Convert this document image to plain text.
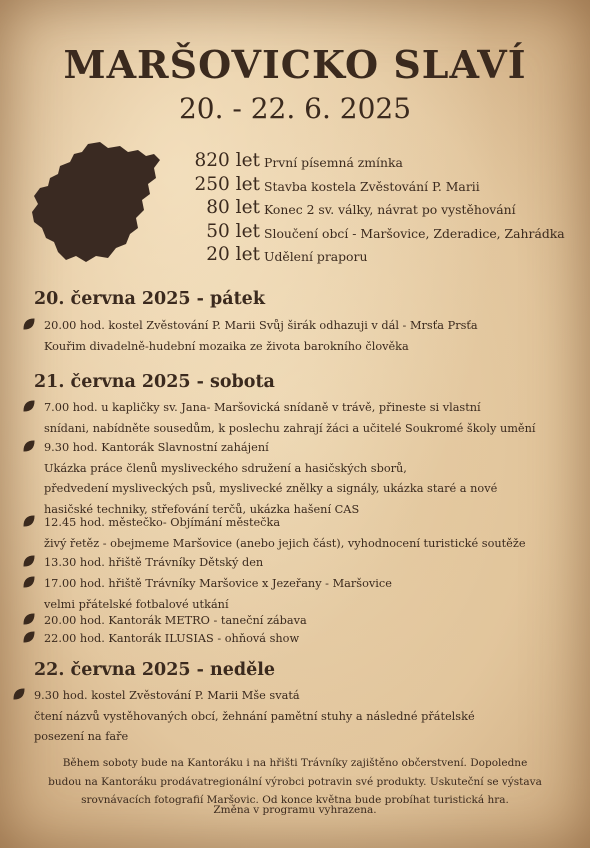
MARŠOVICKO SLAVÍ
20. - 22. 6. 2025
820 let První písemná zmínka
250 let Stavba kostela Zvěstování P. Marii
80 let Konec 2 sv. války, návrat po vystěhování
50 let Sloučení obcí - Maršovice, Zderadice, Zahrádka
20 let Udělení praporu
20. června 2025 - pátek
20.00 hod. kostel Zvěstování P. Marii Svůj širák odhazuji v dál - Mrsťa Prsťa
Kouřim divadelně-hudební mozaika ze života barokního člověka
21. června 2025 - sobota
7.00 hod. u kapličky sv. Jana- Maršovická snídaně v trávě, přineste si vlastní
snídani, nabídněte sousedům, k poslechu zahrají žáci a učitelé Soukromé školy umění
9.30 hod. Kantorák Slavnostní zahájení
Ukázka práce členů mysliveckého sdružení a hasičských sborů,
předvedení mysliveckých psů, myslivecké znělky a signály, ukázka staré a nové
hasičské techniky, střefování terčů, ukázka hašení CAS
12.45 hod. městečko- Objímání městečka
živý řetěz - obejmeme Maršovice (anebo jejich část), vyhodnocení turistické soutěže
13.30 hod. hřiště Trávníky Dětský den
17.00 hod. hřiště Trávníky Maršovice x Jezeřany - Maršovice
velmi přátelské fotbalové utkání
20.00 hod. Kantorák METRO - taneční zábava
22.00 hod. Kantorák ILUSIAS - ohňová show
22. června 2025 - neděle
9.30 hod. kostel Zvěstování P. Marii Mše svatá
čtení názvů vystěhovaných obcí, žehnání pamětní stuhy a následné přátelské
posezení na faře
Během soboty bude na Kantoráku i na hřišti Trávníky zajištěno občerstvení. Dopoledne
budou na Kantoráku prodávatregionální výrobci potravin své produkty. Uskuteční se výstava
srovnávacích fotografií Maršovic. Od konce května bude probíhat turistická hra.
Změna v programu vyhrazena.
